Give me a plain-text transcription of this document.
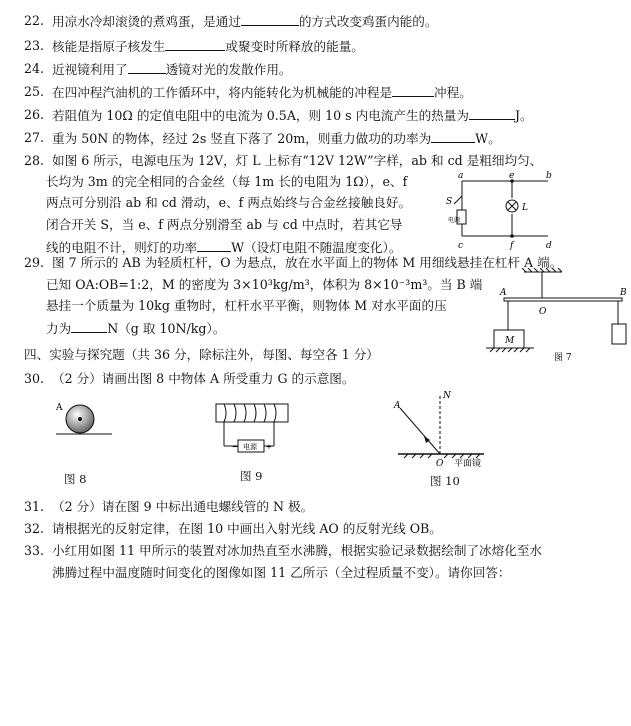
22. 用凉水冷却滚烫的煮鸡蛋，是通过	的方式改变鸡蛋内能的。
23. 核能是指原子核发生	或聚变时所释放的能量。
24. 近视镜利用了	透镜对光的发散作用。
25. 在四冲程汽油机的工作循环中，将内能转化为机械能的冲程是	冲程。
26. 若阻值为 10Ω 的定值电阻中的电流为 0.5A，则 10 s 内电流产生的热量为	J。
27. 重为 50N 的物体，经过 2s 竖直下落了 20m，则重力做功的功率为	W。
28. 如图 6 所示，电源电压为 12V，灯 L 上标有“12V 12W”字样，ab 和 cd 是粗细均匀、
长均为 3m 的完全相同的合金丝（每 1m 长的电阻为 1Ω），e、f
两点可分别沿 ab 和 cd 滑动，e、f 两点始终与合金丝接触良好。
闭合开关 S，当 e、f 两点分别滑至 ab 与 cd 中点时，若其它导
线的电阻不计，则灯的功率	W（设灯电阻不随温度变化）。
a	e	b
S
电源
L
c	f	d
29. 图 7 所示的 AB 为轻质杠杆，O 为悬点，放在水平面上的物体 M 用细线悬挂在杠杆 A 端。
已知 OA:OB=1:2，M 的密度为 3×10³kg/m³，体积为 8×10⁻³m³。当 B 端
悬挂一个质量为 10kg 重物时，杠杆水平平衡，则物体 M 对水平面的压
力为	N（g 取 10N/kg）。
A
O
B
M
图 7
四、实验与探究题（共 36 分，除标注外，每图、每空各 1 分）
30. （2 分）请画出图 8 中物体 A 所受重力 G 的示意图。
A
图 8
−	+
电源
图 9
A
N
O 平面镜
图 10
31. （2 分）请在图 9 中标出通电螺线管的 N 极。
32. 请根据光的反射定律，在图 10 中画出入射光线 AO 的反射光线 OB。
33. 小红用如图 11 甲所示的装置对冰加热直至水沸腾，根据实验记录数据绘制了冰熔化至水
沸腾过程中温度随时间变化的图像如图 11 乙所示（全过程质量不变）。请你回答：
